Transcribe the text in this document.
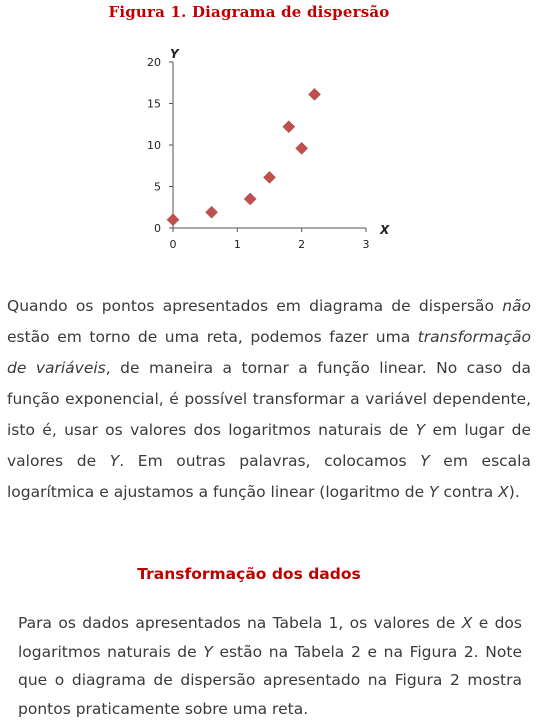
Figura 1. Diagrama de dispersão
0
5
10
15
20
0	1	2	3
X
Y
Quando os pontos apresentados em diagrama de dispersão não estão em torno de uma reta, podemos fazer uma transformação de variáveis, de maneira a tornar a função linear. No caso da função exponencial, é possível transformar a variável dependente, isto é, usar os valores dos logaritmos naturais de Y em lugar de valores de Y. Em outras palavras, colocamos Y em escala logarítmica e ajustamos a função linear (logaritmo de Y contra X).
Transformação dos dados
Para os dados apresentados na Tabela 1, os valores de X e dos logaritmos naturais de Y estão na Tabela 2 e na Figura 2. Note que o diagrama de dispersão apresentado na Figura 2 mostra pontos praticamente sobre uma reta.
